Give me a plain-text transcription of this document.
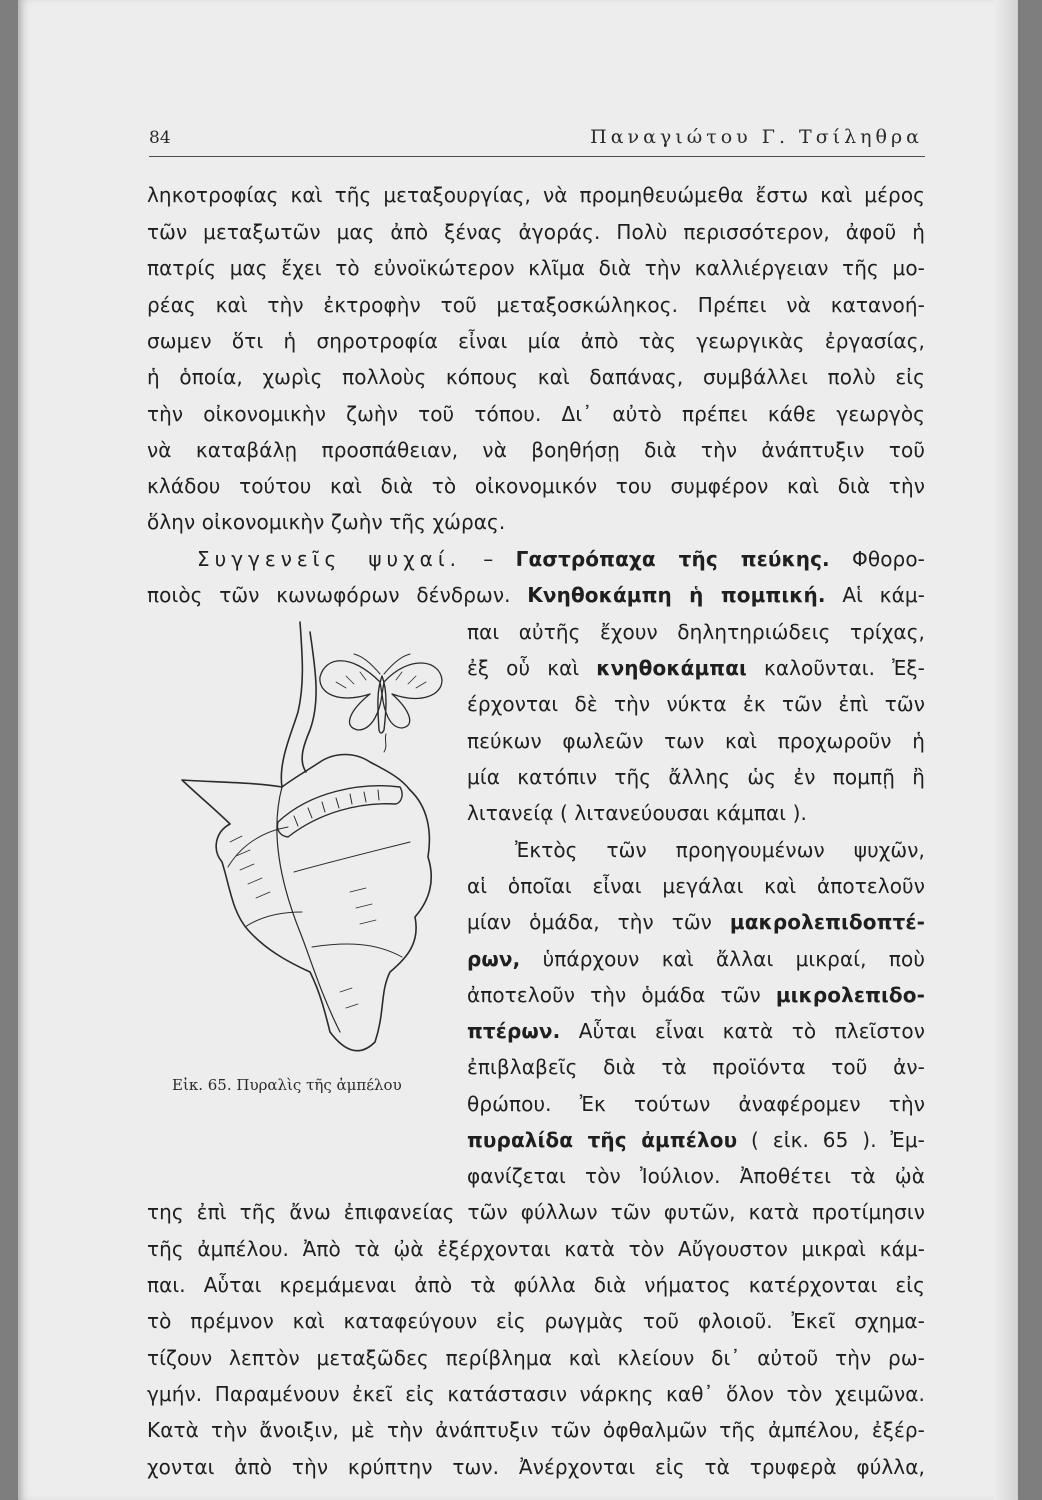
84	Παναγιώτου Γ. Τσίληθρα
ληκοτροφίας καὶ τῆς μεταξουργίας, νὰ προμηθευώμεθα ἔστω καὶ μέρος
τῶν μεταξωτῶν μας ἀπὸ ξένας ἀγοράς. Πολὺ περισσότερον, ἀφοῦ ἡ
πατρίς μας ἔχει τὸ εὐνοϊκώτερον κλῖμα διὰ τὴν καλλιέργειαν τῆς μο-
ρέας καὶ τὴν ἐκτροφὴν τοῦ μεταξοσκώληκος. Πρέπει νὰ κατανοή-
σωμεν ὅτι ἡ σηροτροφία εἶναι μία ἀπὸ τὰς γεωργικὰς ἐργασίας,
ἡ ὁποία, χωρὶς πολλοὺς κόπους καὶ δαπάνας, συμβάλλει πολὺ εἰς
τὴν οἰκονομικὴν ζωὴν τοῦ τόπου. Δι᾽ αὐτὸ πρέπει κάθε γεωργὸς
νὰ καταβάλῃ προσπάθειαν, νὰ βοηθήσῃ διὰ τὴν ἀνάπτυξιν τοῦ
κλάδου τούτου καὶ διὰ τὸ οἰκονομικόν του συμφέρον καὶ διὰ τὴν
ὅλην οἰκονομικὴν ζωὴν τῆς χώρας.
Συγγενεῖς ψυχαί. – Γαστρόπαχα τῆς πεύκης. Φθορο-
ποιὸς τῶν κωνωφόρων δένδρων. Κνηθοκάμπη ἡ πομπική. Αἱ κάμ-
παι αὐτῆς ἔχουν δηλητηριώδεις τρίχας,
ἐξ οὗ καὶ κνηθοκάμπαι καλοῦνται. Ἐξ-
έρχονται δὲ τὴν νύκτα ἐκ τῶν ἐπὶ τῶν
πεύκων φωλεῶν των καὶ προχωροῦν ἡ
μία κατόπιν τῆς ἄλλης ὡς ἐν πομπῇ ἢ
λιτανείᾳ ( λιτανεύουσαι κάμπαι ).
Ἐκτὸς τῶν προηγουμένων ψυχῶν,
αἱ ὁποῖαι εἶναι μεγάλαι καὶ ἀποτελοῦν
μίαν ὁμάδα, τὴν τῶν μακρολεπιδοπτέ-
ρων, ὑπάρχουν καὶ ἄλλαι μικραί, ποὺ
ἀποτελοῦν τὴν ὁμάδα τῶν μικρολεπιδο-
πτέρων. Αὗται εἶναι κατὰ τὸ πλεῖστον
ἐπιβλαβεῖς διὰ τὰ προϊόντα τοῦ ἀν-
θρώπου. Ἐκ τούτων ἀναφέρομεν τὴν
πυραλίδα τῆς ἀμπέλου ( εἰκ. 65 ). Ἐμ-
φανίζεται τὸν Ἰούλιον. Ἀποθέτει τὰ ᾠὰ
Εἰκ. 65. Πυραλὶς τῆς ἀμπέλου
της ἐπὶ τῆς ἄνω ἐπιφανείας τῶν φύλλων τῶν φυτῶν, κατὰ προτίμησιν
τῆς ἀμπέλου. Ἀπὸ τὰ ᾠὰ ἐξέρχονται κατὰ τὸν Αὔγουστον μικραὶ κάμ-
παι. Αὗται κρεμάμεναι ἀπὸ τὰ φύλλα διὰ νήματος κατέρχονται εἰς
τὸ πρέμνον καὶ καταφεύγουν εἰς ρωγμὰς τοῦ φλοιοῦ. Ἐκεῖ σχημα-
τίζουν λεπτὸν μεταξῶδες περίβλημα καὶ κλείουν δι᾽ αὐτοῦ τὴν ρω-
γμήν. Παραμένουν ἐκεῖ εἰς κατάστασιν νάρκης καθ᾽ ὅλον τὸν χειμῶνα.
Κατὰ τὴν ἄνοιξιν, μὲ τὴν ἀνάπτυξιν τῶν ὀφθαλμῶν τῆς ἀμπέλου, ἐξέρ-
χονται ἀπὸ τὴν κρύπτην των. Ἀνέρχονται εἰς τὰ τρυφερὰ φύλλα,
